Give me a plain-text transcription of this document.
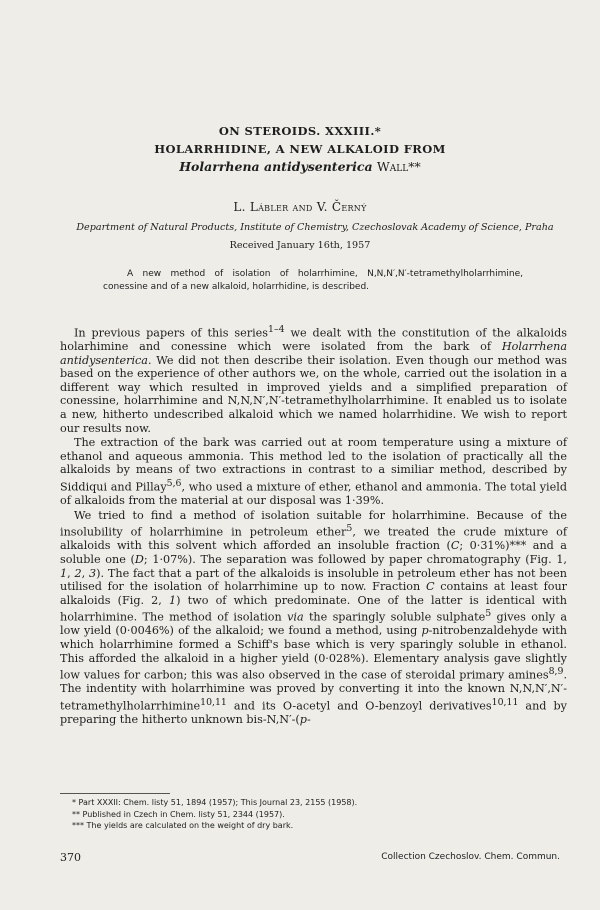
ON STEROIDS. XXXIII.*
HOLARRHIDINE, A NEW ALKALOID FROM
Holarrhena antidysenterica Wall**
L. Lábler and V. Černý
Department of Natural Products, Institute of Chemistry, Czechoslovak Academy of Science, Praha
Received January 16th, 1957
A new method of isolation of holarrhimine, N,N,N′,N′-tetramethylholarrhimine, conessine and of a new alkaloid, holarrhidine, is described.

In previous papers of this series$^{1-4}$ we dealt with the constitution of the alkaloids holarhimine and conessine which were isolated from the bark of Holarrhena antidysenterica. We did not then describe their isolation. Even though our method was based on the experience of other authors we, on the whole, carried out the isolation in a different way which resulted in improved yields and a simplified preparation of conessine, holarrhimine and N,N,N′,N′-tetramethylholarrhimine. It enabled us to isolate a new, hitherto undescribed alkaloid which we named holarrhidine. We wish to report our results now.

The extraction of the bark was carried out at room temperature using a mixture of ethanol and aqueous ammonia. This method led to the isolation of practically all the alkaloids by means of two extractions in contrast to a similiar method, described by Siddiqui and Pillay$^{5,6}$, who used a mixture of ether, ethanol and ammonia. The total yield of alkaloids from the material at our disposal was 1·39%.

We tried to find a method of isolation suitable for holarrhimine. Because of the insolubility of holarrhimine in petroleum ether$^5$, we treated the crude mixture of alkaloids with this solvent which afforded an insoluble fraction (C; 0·31%)*** and a soluble one (D; 1·07%). The separation was followed by paper chromatography (Fig. 1, 1, 2, 3). The fact that a part of the alkaloids is insoluble in petroleum ether has not been utilised for the isolation of holarrhimine up to now. Fraction C contains at least four alkaloids (Fig. 2, 1) two of which predominate. One of the latter is identical with holarrhimine. The method of isolation via the sparingly soluble sulphate$^5$ gives only a low yield (0·0046%) of the alkaloid; we found a method, using p-nitrobenzaldehyde with which holarrhimine formed a Schiff's base which is very sparingly soluble in ethanol. This afforded the alkaloid in a higher yield (0·028%). Elementary analysis gave slightly low values for carbon; this was also observed in the case of steroidal primary amines$^{8,9}$. The indentity with holarrhimine was proved by converting it into the known N,N,N′,N′-tetramethylholarrhimine$^{10,11}$ and its O-acetyl and O-benzoyl derivatives$^{10,11}$ and by preparing the hitherto unknown bis-N,N′-(p-

* Part XXXII: Chem. listy 51, 1894 (1957); This Journal 23, 2155 (1958).
** Published in Czech in Chem. listy 51, 2344 (1957).
*** The yields are calculated on the weight of dry bark.
370	Collection Czechoslov. Chem. Commun.
